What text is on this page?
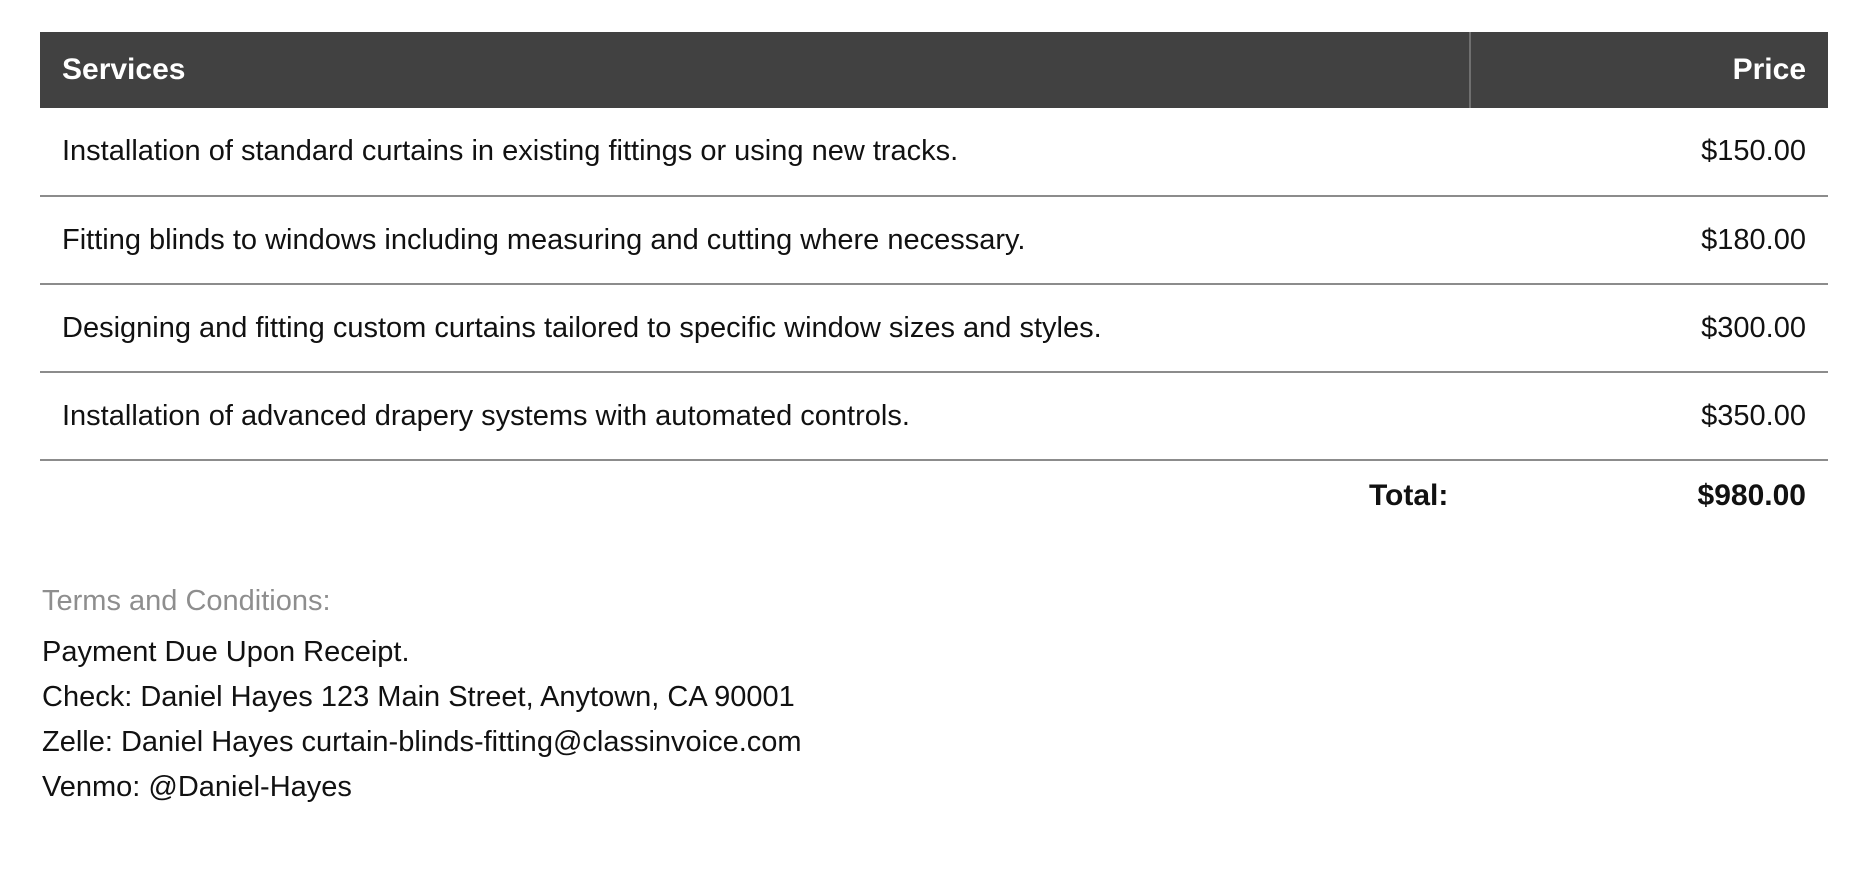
Services	Price
Installation of standard curtains in existing fittings or using new tracks.	$150.00
Fitting blinds to windows including measuring and cutting where necessary.	$180.00
Designing and fitting custom curtains tailored to specific window sizes and styles.	$300.00
Installation of advanced drapery systems with automated controls.	$350.00
Total:	$980.00
Terms and Conditions:
Payment Due Upon Receipt.
Check: Daniel Hayes 123 Main Street, Anytown, CA 90001
Zelle: Daniel Hayes curtain-blinds-fitting@classinvoice.com
Venmo: @Daniel-Hayes
